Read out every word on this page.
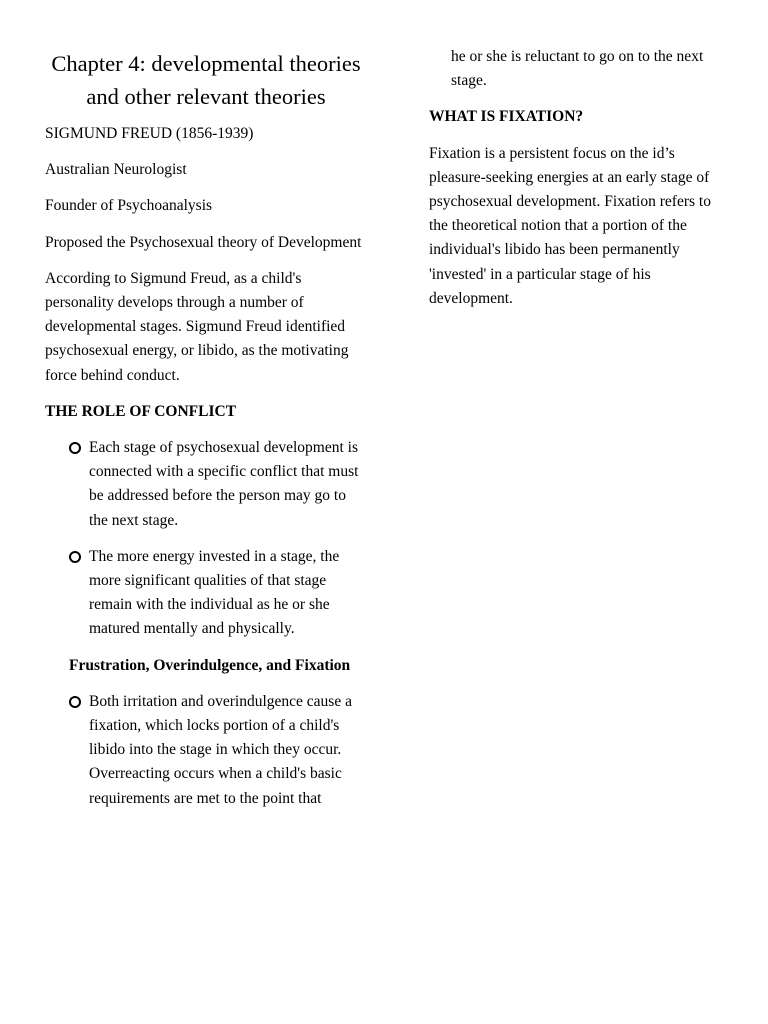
Chapter 4: developmental theories and other relevant theories

SIGMUND FREUD (1856-1939)

Australian Neurologist

Founder of Psychoanalysis

Proposed the Psychosexual theory of Development

According to Sigmund Freud, as a child's personality develops through a number of developmental stages. Sigmund Freud identified psychosexual energy, or libido, as the motivating force behind conduct.

THE ROLE OF CONFLICT
Each stage of psychosexual development is connected with a specific conflict that must be addressed before the person may go to the next stage.
The more energy invested in a stage, the more significant qualities of that stage remain with the individual as he or she matured mentally and physically.
Frustration, Overindulgence, and Fixation
Both irritation and overindulgence cause a fixation, which locks portion of a child's libido into the stage in which they occur. Overreacting occurs when a child's basic requirements are met to the point that

he or she is reluctant to go on to the next stage.

WHAT IS FIXATION?

Fixation is a persistent focus on the id’s pleasure-seeking energies at an early stage of psychosexual development. Fixation refers to the theoretical notion that a portion of the individual's libido has been permanently 'invested' in a particular stage of his development.
